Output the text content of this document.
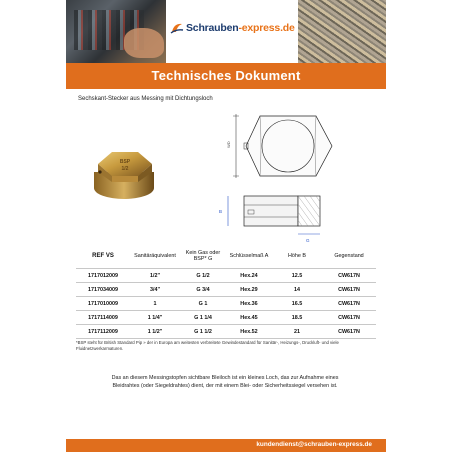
Schrauben-express.de
Technisches Dokument
Sechskant-Stecker aus Messing mit Dichtungsloch
BSP
1/2
WD
B
G
REF VS	Sanitäräquivalent	Kein Gas oder BSP* G	Schlüsselmaß A	Höhe B	Gegenstand
1717012009	1/2"	G 1/2	Hex.24	12.5	CW617N
1717034009	3/4"	G 3/4	Hex.29	14	CW617N
1717010009	1	G 1	Hex.36	16.5	CW617N
1717114009	1 1/4"	G 1 1/4	Hex.45	18.5	CW617N
1717112009	1 1/2"	G 1 1/2	Hex.52	21	CW617N
*BSP steht für British Standard Pip » der in Europa am weitesten verbreitete Gewindestandard für Sanitär-, Heizungs-, Druckluft- und viele Fluidnetzwerkarmaturen.
Das an diesem Messingstopfen sichtbare Bleiloch ist ein kleines Loch, das zur Aufnahme eines Bleidrahtes (oder Siegeldrahtes) dient, der mit einem Blei- oder Sicherheitssiegel versehen ist.
kundendienst@schrauben-express.de
